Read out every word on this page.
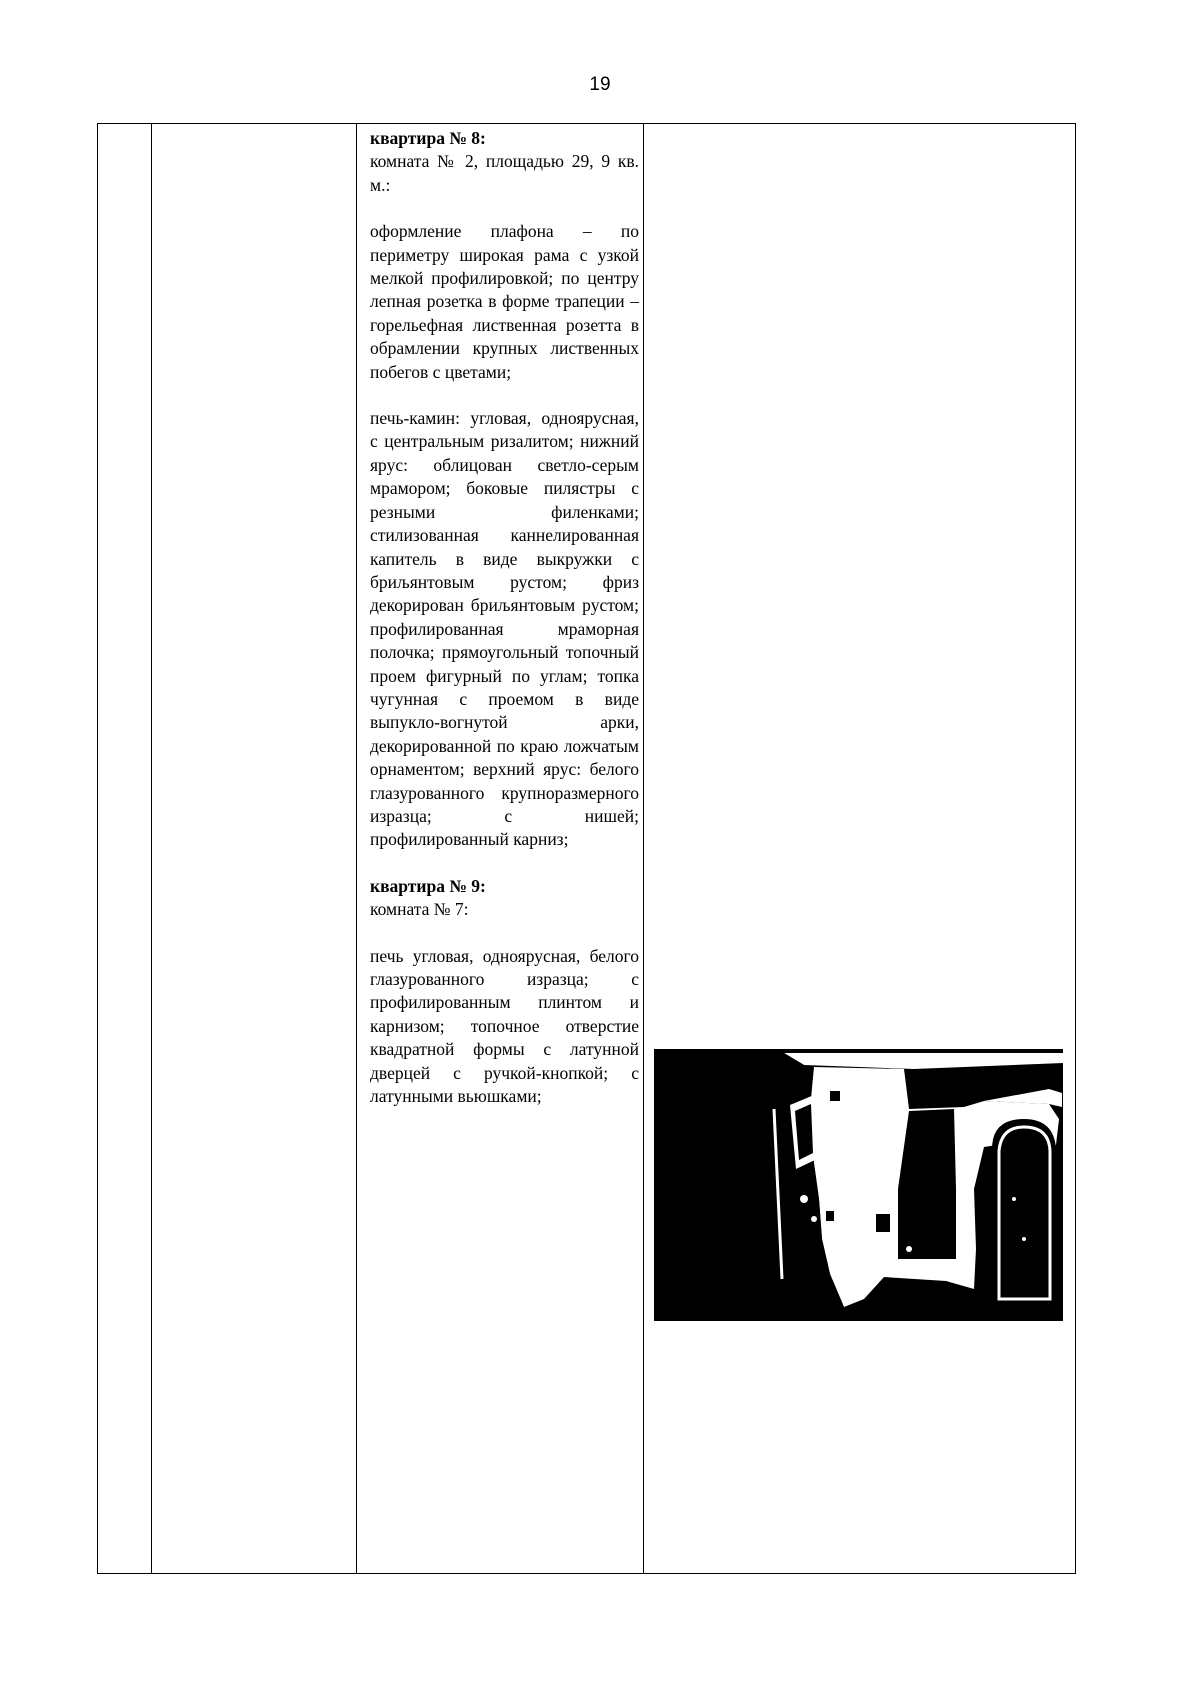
19

квартира № 8:

комната № 2, площадью 29, 9 кв. м.:

оформление плафона – по периметру широкая рама с узкой мелкой профилировкой; по центру лепная розетка в форме трапеции – горельефная лиственная розетта в обрамлении крупных лиственных побегов с цветами;

печь-камин: угловая, одноярусная, с центральным ризалитом; нижний ярус: облицован светло-серым мрамором; боковые пилястры с резными филенками; стилизованная каннелированная капитель в виде выкружки с бриљянтовым рустом; фриз декорирован бриљянтовым рустом; профилированная мраморная полочка; прямоугольный топочный проем фигурный по углам; топка чугунная с проемом в виде выпукло-вогнутой арки, декорированной по краю ложчатым орнаментом; верхний ярус: белого глазурованного крупноразмерного изразца; с нишей; профилированный карниз;

квартира № 9:

комната № 7:

печь угловая, одноярусная, белого глазурованного изразца; с профилированным плинтом и карнизом; топочное отверстие квадратной формы с латунной дверцей с ручкой-кнопкой; с латунными вьюшками;
